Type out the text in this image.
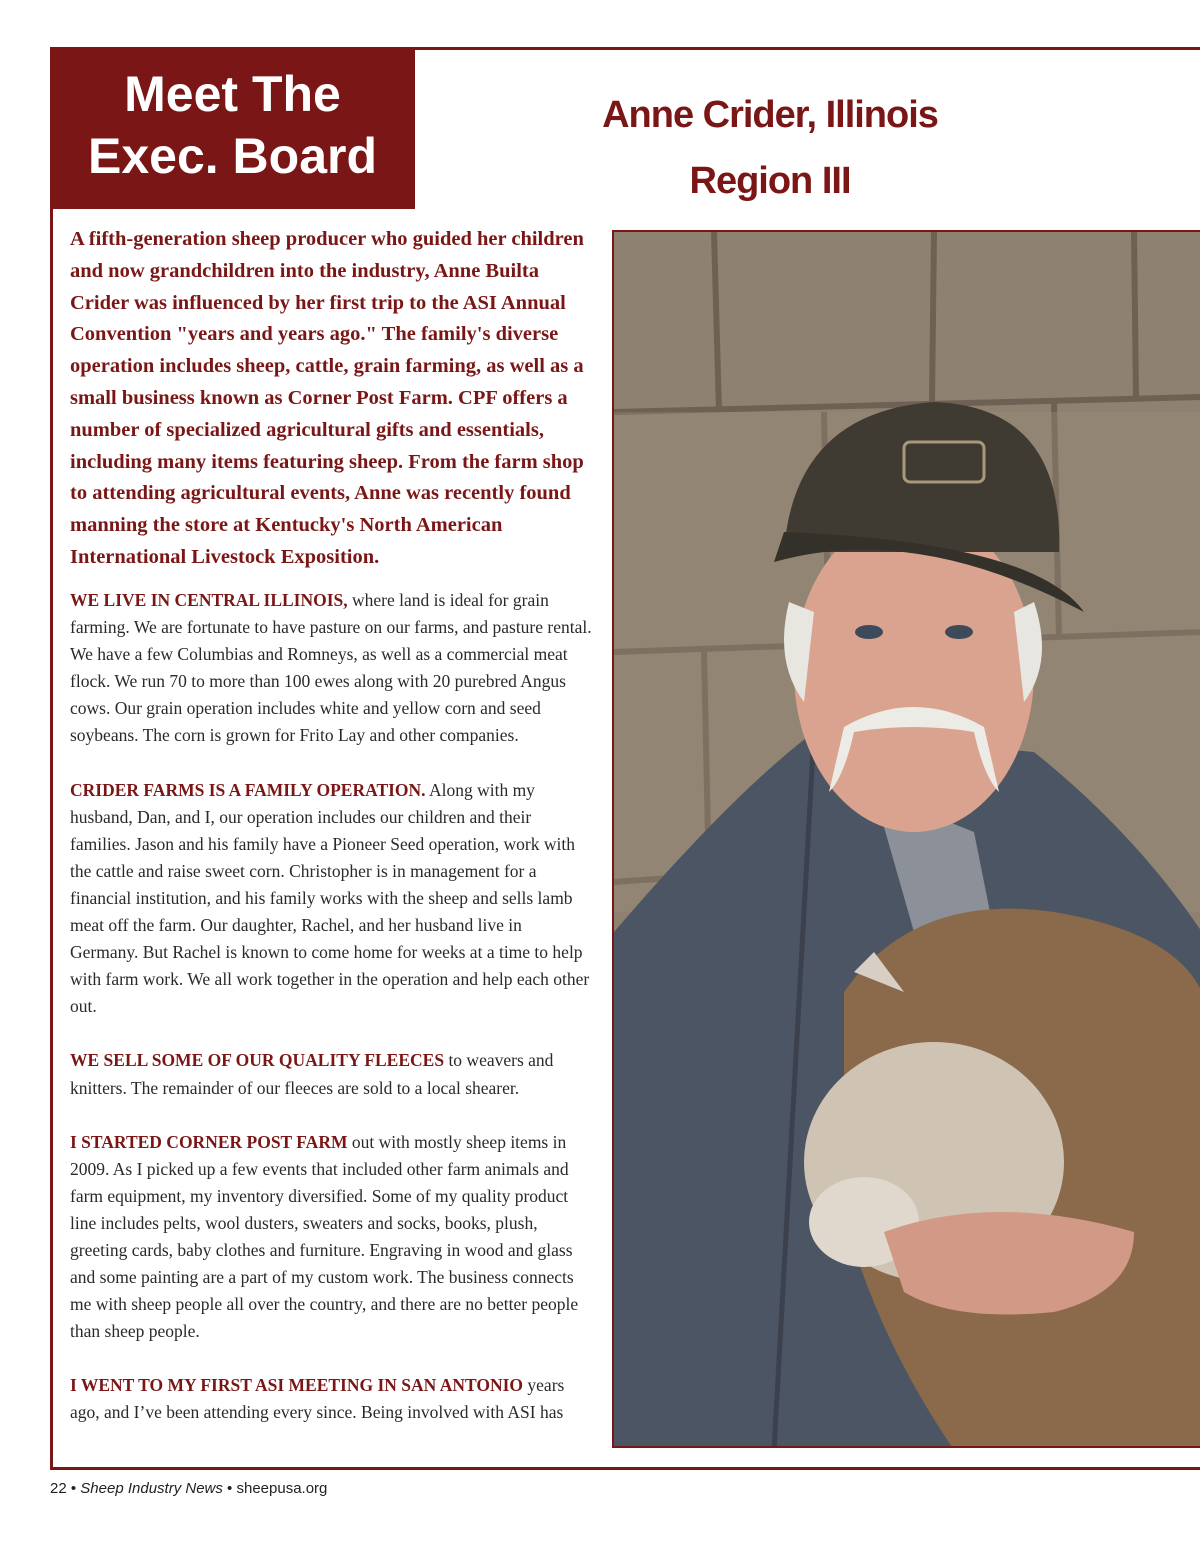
Meet The
Exec. Board
Anne Crider, Illinois
Region III
A fifth-generation sheep producer who guided her children and now grandchildren into the industry, Anne Builta Crider was influenced by her first trip to the ASI Annual Convention "years and years ago." The family's diverse operation includes sheep, cattle, grain farming, as well as a small business known as Corner Post Farm. CPF offers a number of specialized agricultural gifts and essentials, including many items featuring sheep. From the farm shop to attending agricultural events, Anne was recently found manning the store at Kentucky's North American International Livestock Exposition.

WE LIVE IN CENTRAL ILLINOIS, where land is ideal for grain farming. We are fortunate to have pasture on our farms, and pasture rental. We have a few Columbias and Romneys, as well as a commercial meat flock. We run 70 to more than 100 ewes along with 20 purebred Angus cows. Our grain operation includes white and yellow corn and seed soybeans. The corn is grown for Frito Lay and other companies.

CRIDER FARMS IS A FAMILY OPERATION. Along with my husband, Dan, and I, our operation includes our children and their families. Jason and his family have a Pioneer Seed operation, work with the cattle and raise sweet corn. Christopher is in management for a financial institution, and his family works with the sheep and sells lamb meat off the farm. Our daughter, Rachel, and her husband live in Germany. But Rachel is known to come home for weeks at a time to help with farm work. We all work together in the operation and help each other out.

WE SELL SOME OF OUR QUALITY FLEECES to weavers and knitters. The remainder of our fleeces are sold to a local shearer.

I STARTED CORNER POST FARM out with mostly sheep items in 2009. As I picked up a few events that included other farm animals and farm equipment, my inventory diversified. Some of my quality product line includes pelts, wool dusters, sweaters and socks, books, plush, greeting cards, baby clothes and furniture. Engraving in wood and glass and some painting are a part of my custom work. The business connects me with sheep people all over the country, and there are no better people than sheep people.

I WENT TO MY FIRST ASI MEETING IN SAN ANTONIO years ago, and I’ve been attending every since. Being involved with ASI has

22 • Sheep Industry News • sheepusa.org
